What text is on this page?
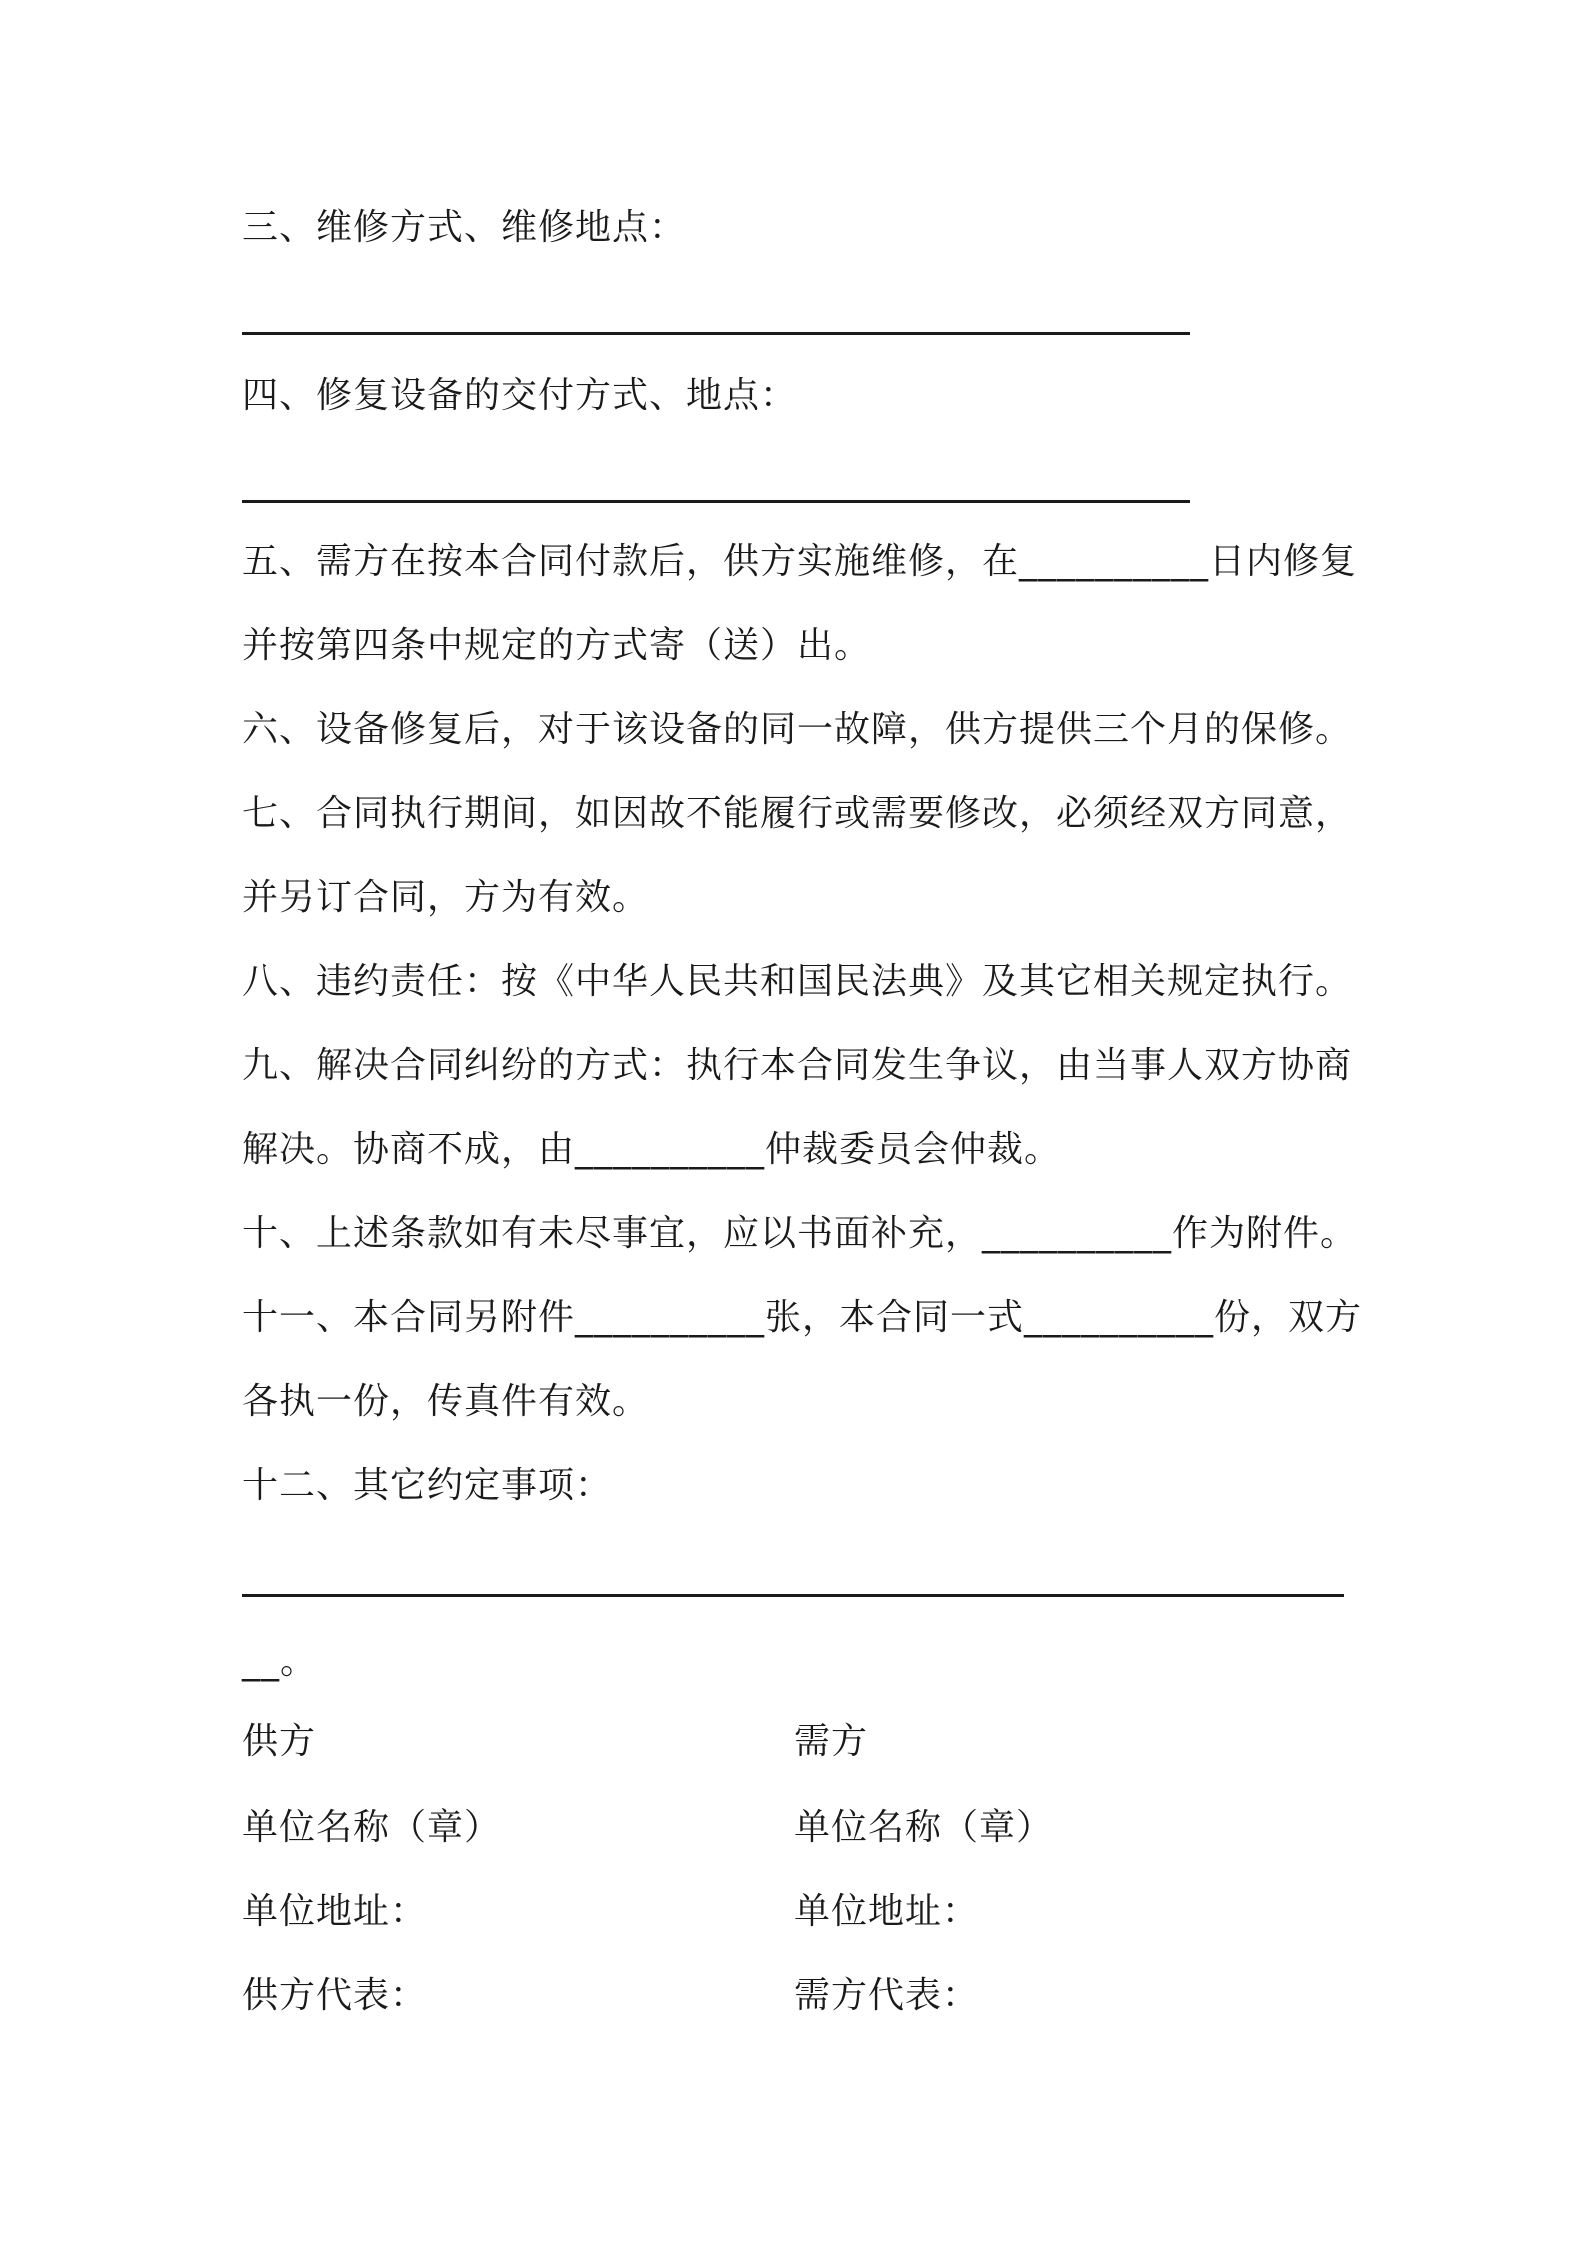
三、维修方式、维修地点：
四、修复设备的交付方式、地点：
五、需方在按本合同付款后，供方实施维修，在__________日内修复
并按第四条中规定的方式寄（送）出。
六、设备修复后，对于该设备的同一故障，供方提供三个月的保修。
七、合同执行期间，如因故不能履行或需要修改，必须经双方同意，
并另订合同，方为有效。
八、违约责任：按《中华人民共和国民法典》及其它相关规定执行。
九、解决合同纠纷的方式：执行本合同发生争议，由当事人双方协商
解决。协商不成，由__________仲裁委员会仲裁。
十、上述条款如有未尽事宜，应以书面补充，__________作为附件。
十一、本合同另附件__________张，本合同一式__________份，双方
各执一份，传真件有效。
十二、其它约定事项：
__。
供方	需方
单位名称（章）	单位名称（章）
单位地址：	单位地址：
供方代表：	需方代表：
